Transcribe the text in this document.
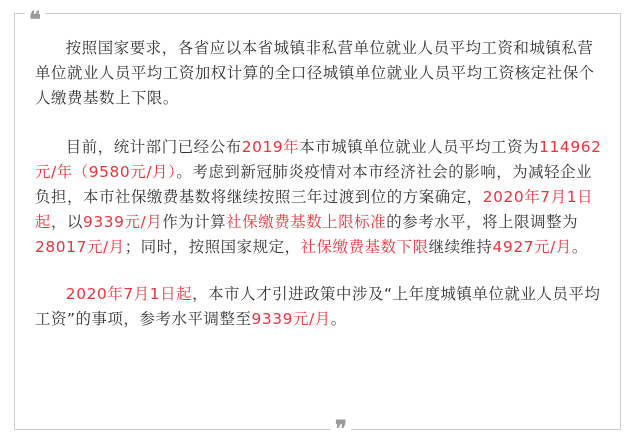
❝

按照国家要求，各省应以本省城镇非私营单位就业人员平均工资和城镇私营单位就业人员平均工资加权计算的全口径城镇单位就业人员平均工资核定社保个人缴费基数上下限。

目前，统计部门已经公布2019年本市城镇单位就业人员平均工资为114962元/年（9580元/月）。考虑到新冠肺炎疫情对本市经济社会的影响，为减轻企业负担，本市社保缴费基数将继续按照三年过渡到位的方案确定，2020年7月1日起，以9339元/月作为计算社保缴费基数上限标准的参考水平，将上限调整为28017元/月；同时，按照国家规定，社保缴费基数下限继续维持4927元/月。

2020年7月1日起，本市人才引进政策中涉及“上年度城镇单位就业人员平均工资”的事项，参考水平调整至9339元/月。

❞
